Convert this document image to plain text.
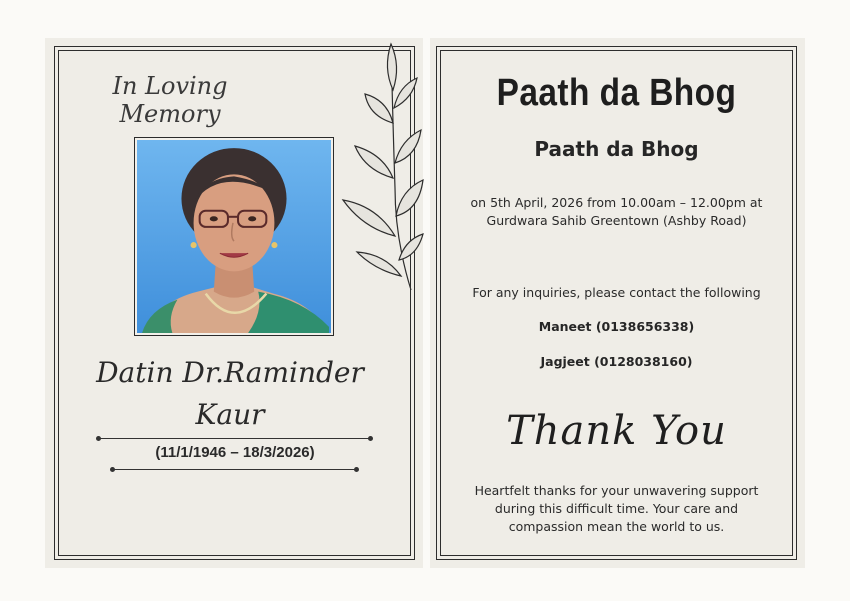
In Loving Memory
Datin Dr.Raminder
Kaur
(11/1/1946 – 18/3/2026)
Paath da Bhog
Paath da Bhog
on 5th April, 2026 from 10.00am – 12.00pm at
Gurdwara Sahib Greentown (Ashby Road)
For any inquiries, please contact the following
Maneet (0138656338)
Jagjeet (0128038160)
Thank You
Heartfelt thanks for your unwavering support
during this difficult time. Your care and
compassion mean the world to us.
